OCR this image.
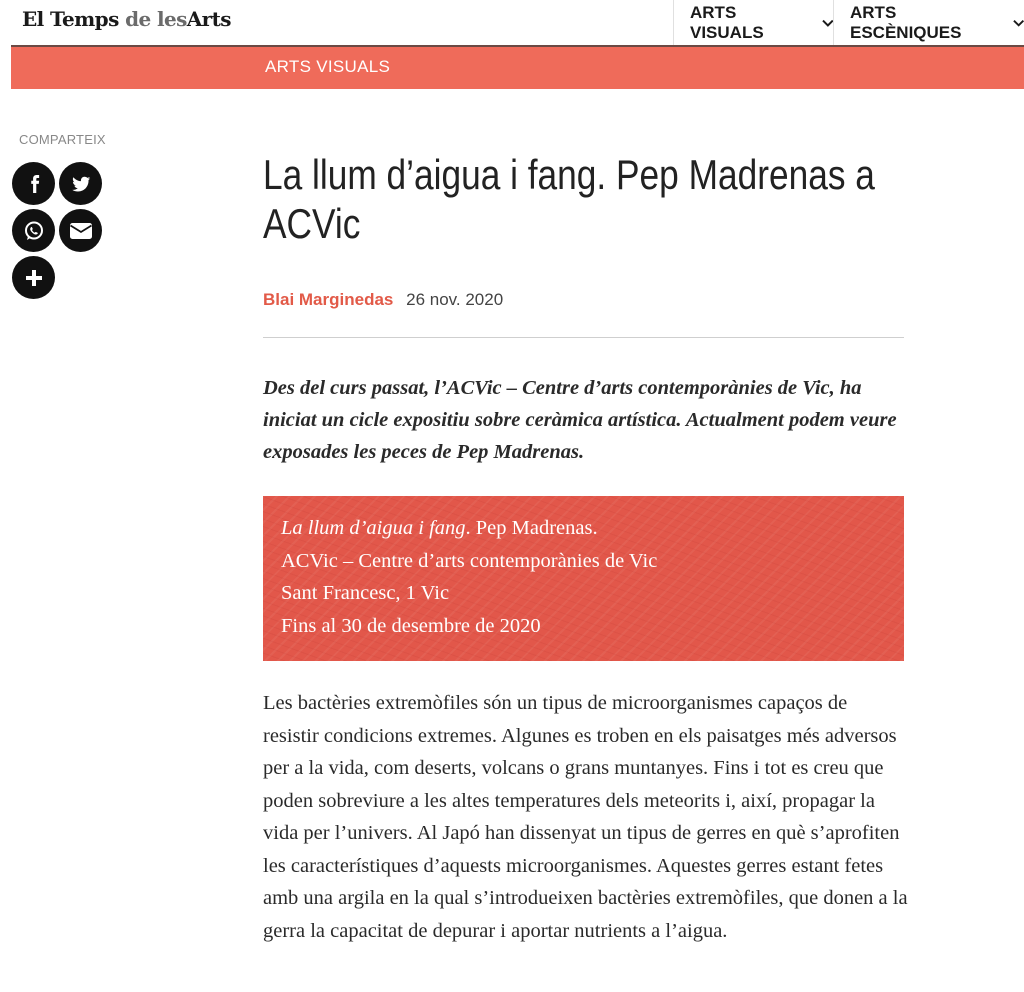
El Temps de lesArts	ARTS VISUALS
ARTS ESCÈNIQUES
ARTS VISUALS
COMPARTEIX
La llum d’aigua i fang. Pep Madrenas a ACVic
Blai Marginedas 26 nov. 2020

Des del curs passat, l’ACVic – Centre d’arts contemporànies de Vic, ha iniciat un cicle expositiu sobre ceràmica artística. Actualment podem veure exposades les peces de Pep Madrenas.

La llum d’aigua i fang. Pep Madrenas.
ACVic – Centre d’arts contemporànies de Vic
Sant Francesc, 1 Vic
Fins al 30 de desembre de 2020

Les bactèries extremòfiles són un tipus de microorganismes capaços de resistir condicions extremes. Algunes es troben en els paisatges més adversos per a la vida, com deserts, volcans o grans muntanyes. Fins i tot es creu que poden sobreviure a les altes temperatures dels meteorits i, així, propagar la vida per l’univers. Al Japó han dissenyat un tipus de gerres en què s’aprofiten les característiques d’aquests microorganismes. Aquestes gerres estant fetes amb una argila en la qual s’introdueixen bactèries extremòfiles, que donen a la gerra la capacitat de depurar i aportar nutrients a l’aigua.
